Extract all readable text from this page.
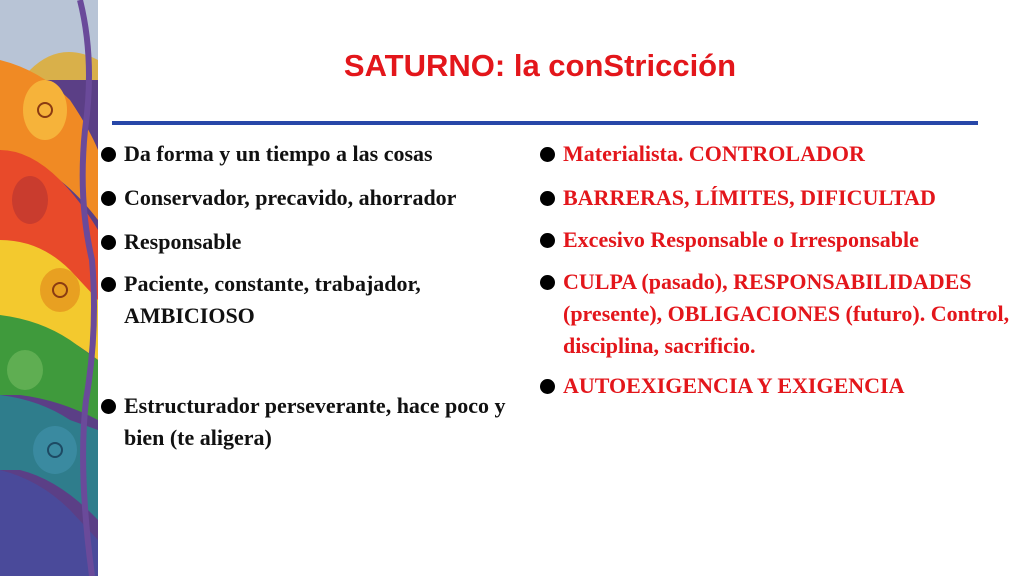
SATURNO: la conStricción
Da forma y un tiempo a las cosas
Conservador, precavido, ahorrador
Responsable
Paciente, constante, trabajador, AMBICIOSO
Estructurador perseverante, hace poco y bien (te aligera)
Materialista. CONTROLADOR
BARRERAS, LÍMITES, DIFICULTAD
Excesivo Responsable o Irresponsable
CULPA (pasado), RESPONSABILIDADES (presente), OBLIGACIONES (futuro). Control, disciplina, sacrificio.
AUTOEXIGENCIA Y EXIGENCIA
